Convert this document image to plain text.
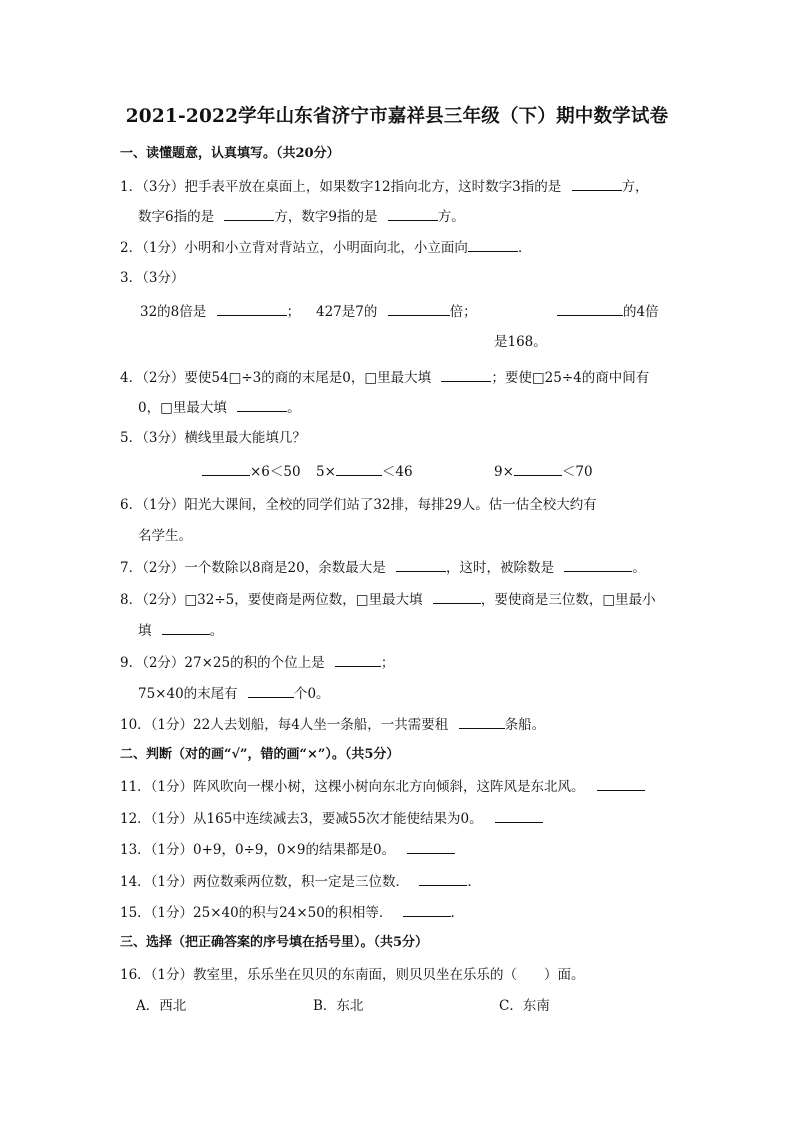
2021-2022学年山东省济宁市嘉祥县三年级（下）期中数学试卷
一、读懂题意，认真填写。（共20分）
1．（3分）把手表平放在桌面上，如果数字12指向北方，这时数字3指的是	方，
数字6指的是	方，数字9指的是	方。
2．（1分）小明和小立背对背站立，小明面向北，小立面向	．
3．（3分）
32的8倍是	； 427是7的	倍；	的4倍
是168。
4．（2分）要使54□÷3的商的末尾是0，□里最大填	；要使□25÷4的商中间有
0，□里最大填	。
5．（3分）横线里最大能填几？
×6＜50 5×	＜46	9×	＜70
6．（1分）阳光大课间，全校的同学们站了32排，每排29人。估一估全校大约有
名学生。
7．（2分）一个数除以8商是20，余数最大是	，这时，被除数是	。
8．（2分）□32÷5，要使商是两位数，□里最大填	，要使商是三位数，□里最小
填	。
9．（2分）27×25的积的个位上是	；
75×40的末尾有	个0。
10．（1分）22人去划船，每4人坐一条船，一共需要租	条船。
二、判断（对的画“√”，错的画“×”）。（共5分）
11．（1分）阵风吹向一棵小树，这棵小树向东北方向倾斜，这阵风是东北风。
12．（1分）从165中连续减去3，要减55次才能使结果为0。
13．（1分）0+9，0÷9，0×9的结果都是0。
14．（1分）两位数乘两位数，积一定是三位数．	．
15．（1分）25×40的积与24×50的积相等．	．
三、选择（把正确答案的序号填在括号里）。（共5分）
16．（1分）教室里，乐乐坐在贝贝的东南面，则贝贝坐在乐乐的（　　）面。
A．西北	B．东北	C．东南
